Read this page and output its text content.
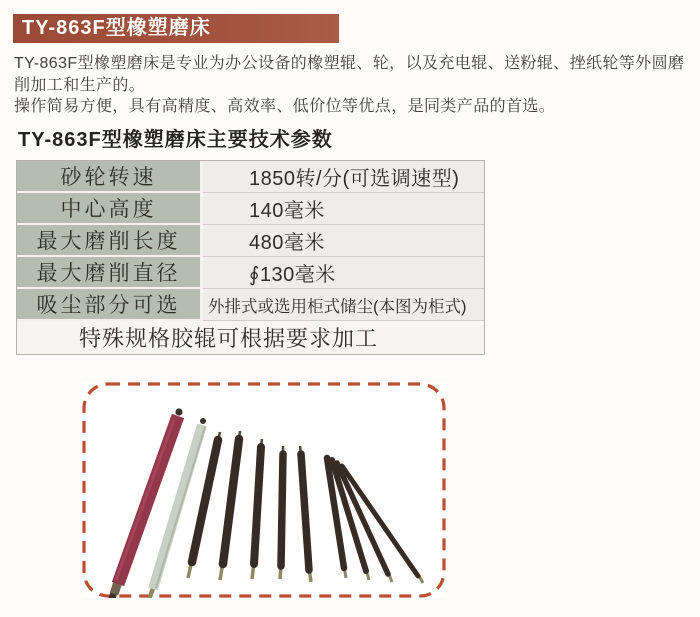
TY-863F型橡塑磨床

TY-863F型橡塑磨床是专业为办公设备的橡塑辊、轮，以及充电辊、送粉辊、挫纸轮等外圆磨削加工和生产的。

操作简易方便，具有高精度、高效率、低价位等优点，是同类产品的首选。

TY-863F型橡塑磨床主要技术参数
砂轮转速	1850转/分(可选调速型)
中心高度	140毫米
最大磨削长度	480毫米
最大磨削直径	∮130毫米
吸尘部分可选	外排式或选用柜式储尘(本图为柜式)
特殊规格胶辊可根据要求加工
